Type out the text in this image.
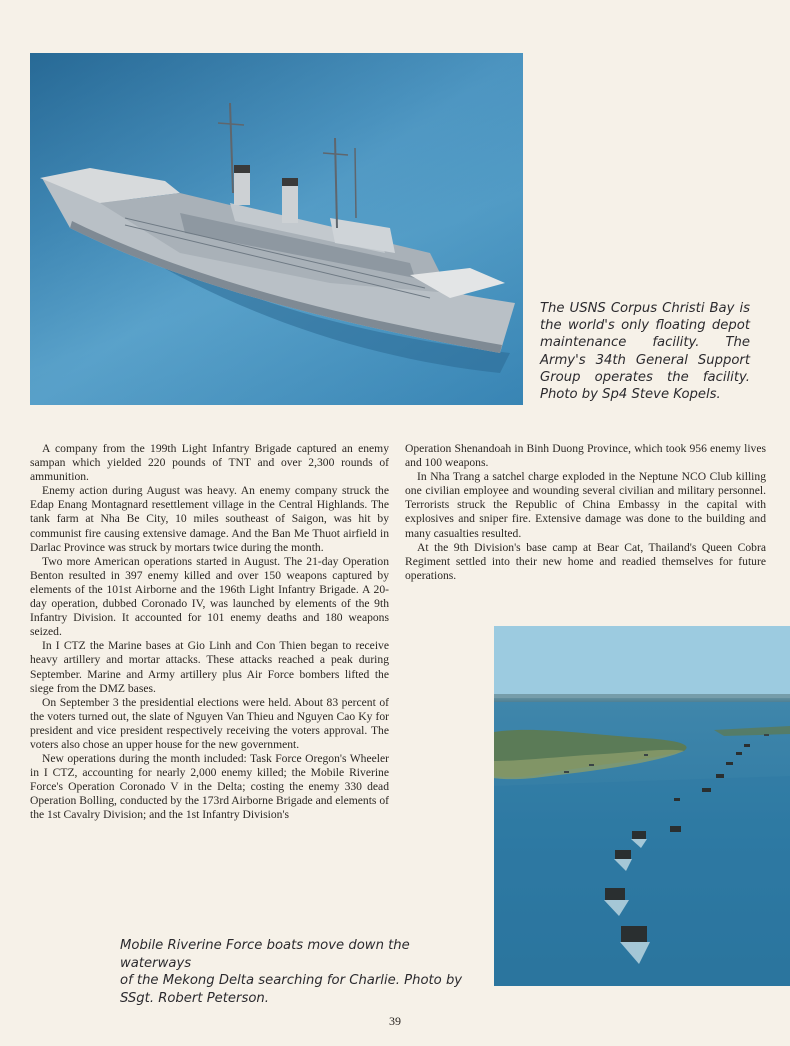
The USNS Corpus Christi Bay is
the world's only floating depot
maintenance facility. The
Army's 34th General Support
Group operates the facility.
Photo by Sp4 Steve Kopels.

A company from the 199th Light Infantry Brigade captured an enemy sampan which yielded 220 pounds of TNT and over 2,300 rounds of ammunition.

Enemy action during August was heavy. An enemy company struck the Edap Enang Montagnard resettlement village in the Central Highlands. The tank farm at Nha Be City, 10 miles southeast of Saigon, was hit by communist fire causing extensive damage. And the Ban Me Thuot airfield in Darlac Province was struck by mortars twice during the month.

Two more American operations started in August. The 21-day Operation Benton resulted in 397 enemy killed and over 150 weapons captured by elements of the 101st Airborne and the 196th Light Infantry Brigade. A 20-day operation, dubbed Coronado IV, was launched by elements of the 9th Infantry Division. It accounted for 101 enemy deaths and 180 weapons seized.

In I CTZ the Marine bases at Gio Linh and Con Thien began to receive heavy artillery and mortar attacks. These attacks reached a peak during September. Marine and Army artillery plus Air Force bombers lifted the siege from the DMZ bases.

On September 3 the presidential elections were held. About 83 percent of the voters turned out, the slate of Nguyen Van Thieu and Nguyen Cao Ky for president and vice president respectively receiving the voters approval. The voters also chose an upper house for the new government.

New operations during the month included: Task Force Oregon's Wheeler in I CTZ, accounting for nearly 2,000 enemy killed; the Mobile Riverine Force's Operation Coronado V in the Delta; costing the enemy 330 dead Operation Bolling, conducted by the 173rd Airborne Brigade and elements of the 1st Cavalry Division; and the 1st Infantry Division's

Operation Shenandoah in Binh Duong Province, which took 956 enemy lives and 100 weapons.

In Nha Trang a satchel charge exploded in the Neptune NCO Club killing one civilian employee and wounding several civilian and military personnel. Terrorists struck the Republic of China Embassy in the capital with explosives and sniper fire. Extensive damage was done to the building and many casualties resulted.

At the 9th Division's base camp at Bear Cat, Thailand's Queen Cobra Regiment settled into their new home and readied themselves for future operations.

Mobile Riverine Force boats move down the waterways
of the Mekong Delta searching for Charlie. Photo by
SSgt. Robert Peterson.
39
